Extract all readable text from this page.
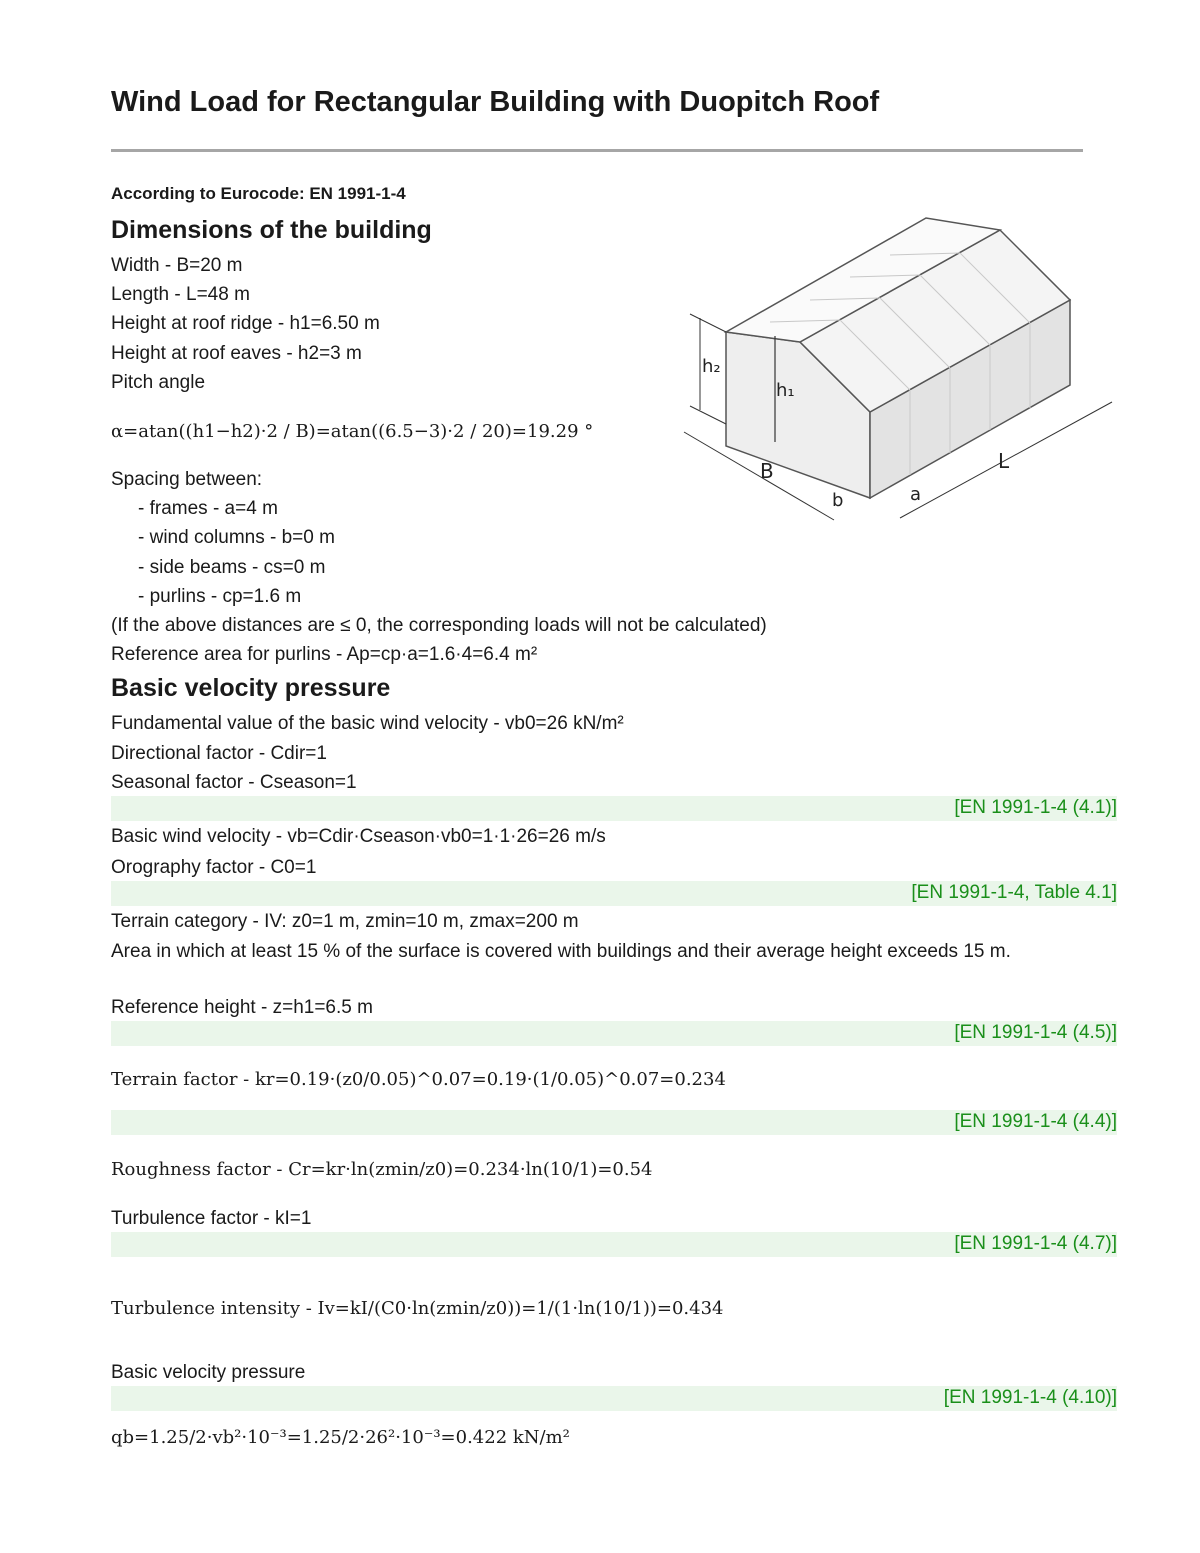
Wind Load for Rectangular Building with Duopitch Roof
According to Eurocode: EN 1991-1-4
Dimensions of the building
Width - B=20 m
Length - L=48 m
Height at roof ridge - h1=6.50 m
Height at roof eaves - h2=3 m
Pitch angle
α=atan((h1−h2)·2 / B)=atan((6.5−3)·2 / 20)=19.29 °
Spacing between:
- frames - a=4 m
- wind columns - b=0 m
- side beams - cs=0 m
- purlins - cp=1.6 m
(If the above distances are ≤ 0, the corresponding loads will not be calculated)
Reference area for purlins - Ap=cp·a=1.6·4=6.4 m²
h₂
h₁
B
b	a
L
Basic velocity pressure
Fundamental value of the basic wind velocity - vb0=26 kN/m²
Directional factor - Cdir=1
Seasonal factor - Cseason=1
[EN 1991-1-4 (4.1)]
Basic wind velocity - vb=Cdir·Cseason·vb0=1·1·26=26 m/s
Orography factor - C0=1
[EN 1991-1-4, Table 4.1]
Terrain category - IV: z0=1 m, zmin=10 m, zmax=200 m
Area in which at least 15 % of the surface is covered with buildings and their average height exceeds 15 m.
Reference height - z=h1=6.5 m
[EN 1991-1-4 (4.5)]
Terrain factor - kr=0.19·(z0/0.05)^0.07=0.19·(1/0.05)^0.07=0.234
[EN 1991-1-4 (4.4)]
Roughness factor - Cr=kr·ln(zmin/z0)=0.234·ln(10/1)=0.54
Turbulence factor - kI=1
[EN 1991-1-4 (4.7)]
Turbulence intensity - Iv=kI/(C0·ln(zmin/z0))=1/(1·ln(10/1))=0.434
Basic velocity pressure
[EN 1991-1-4 (4.10)]
qb=1.25/2·vb²·10⁻³=1.25/2·26²·10⁻³=0.422 kN/m²
